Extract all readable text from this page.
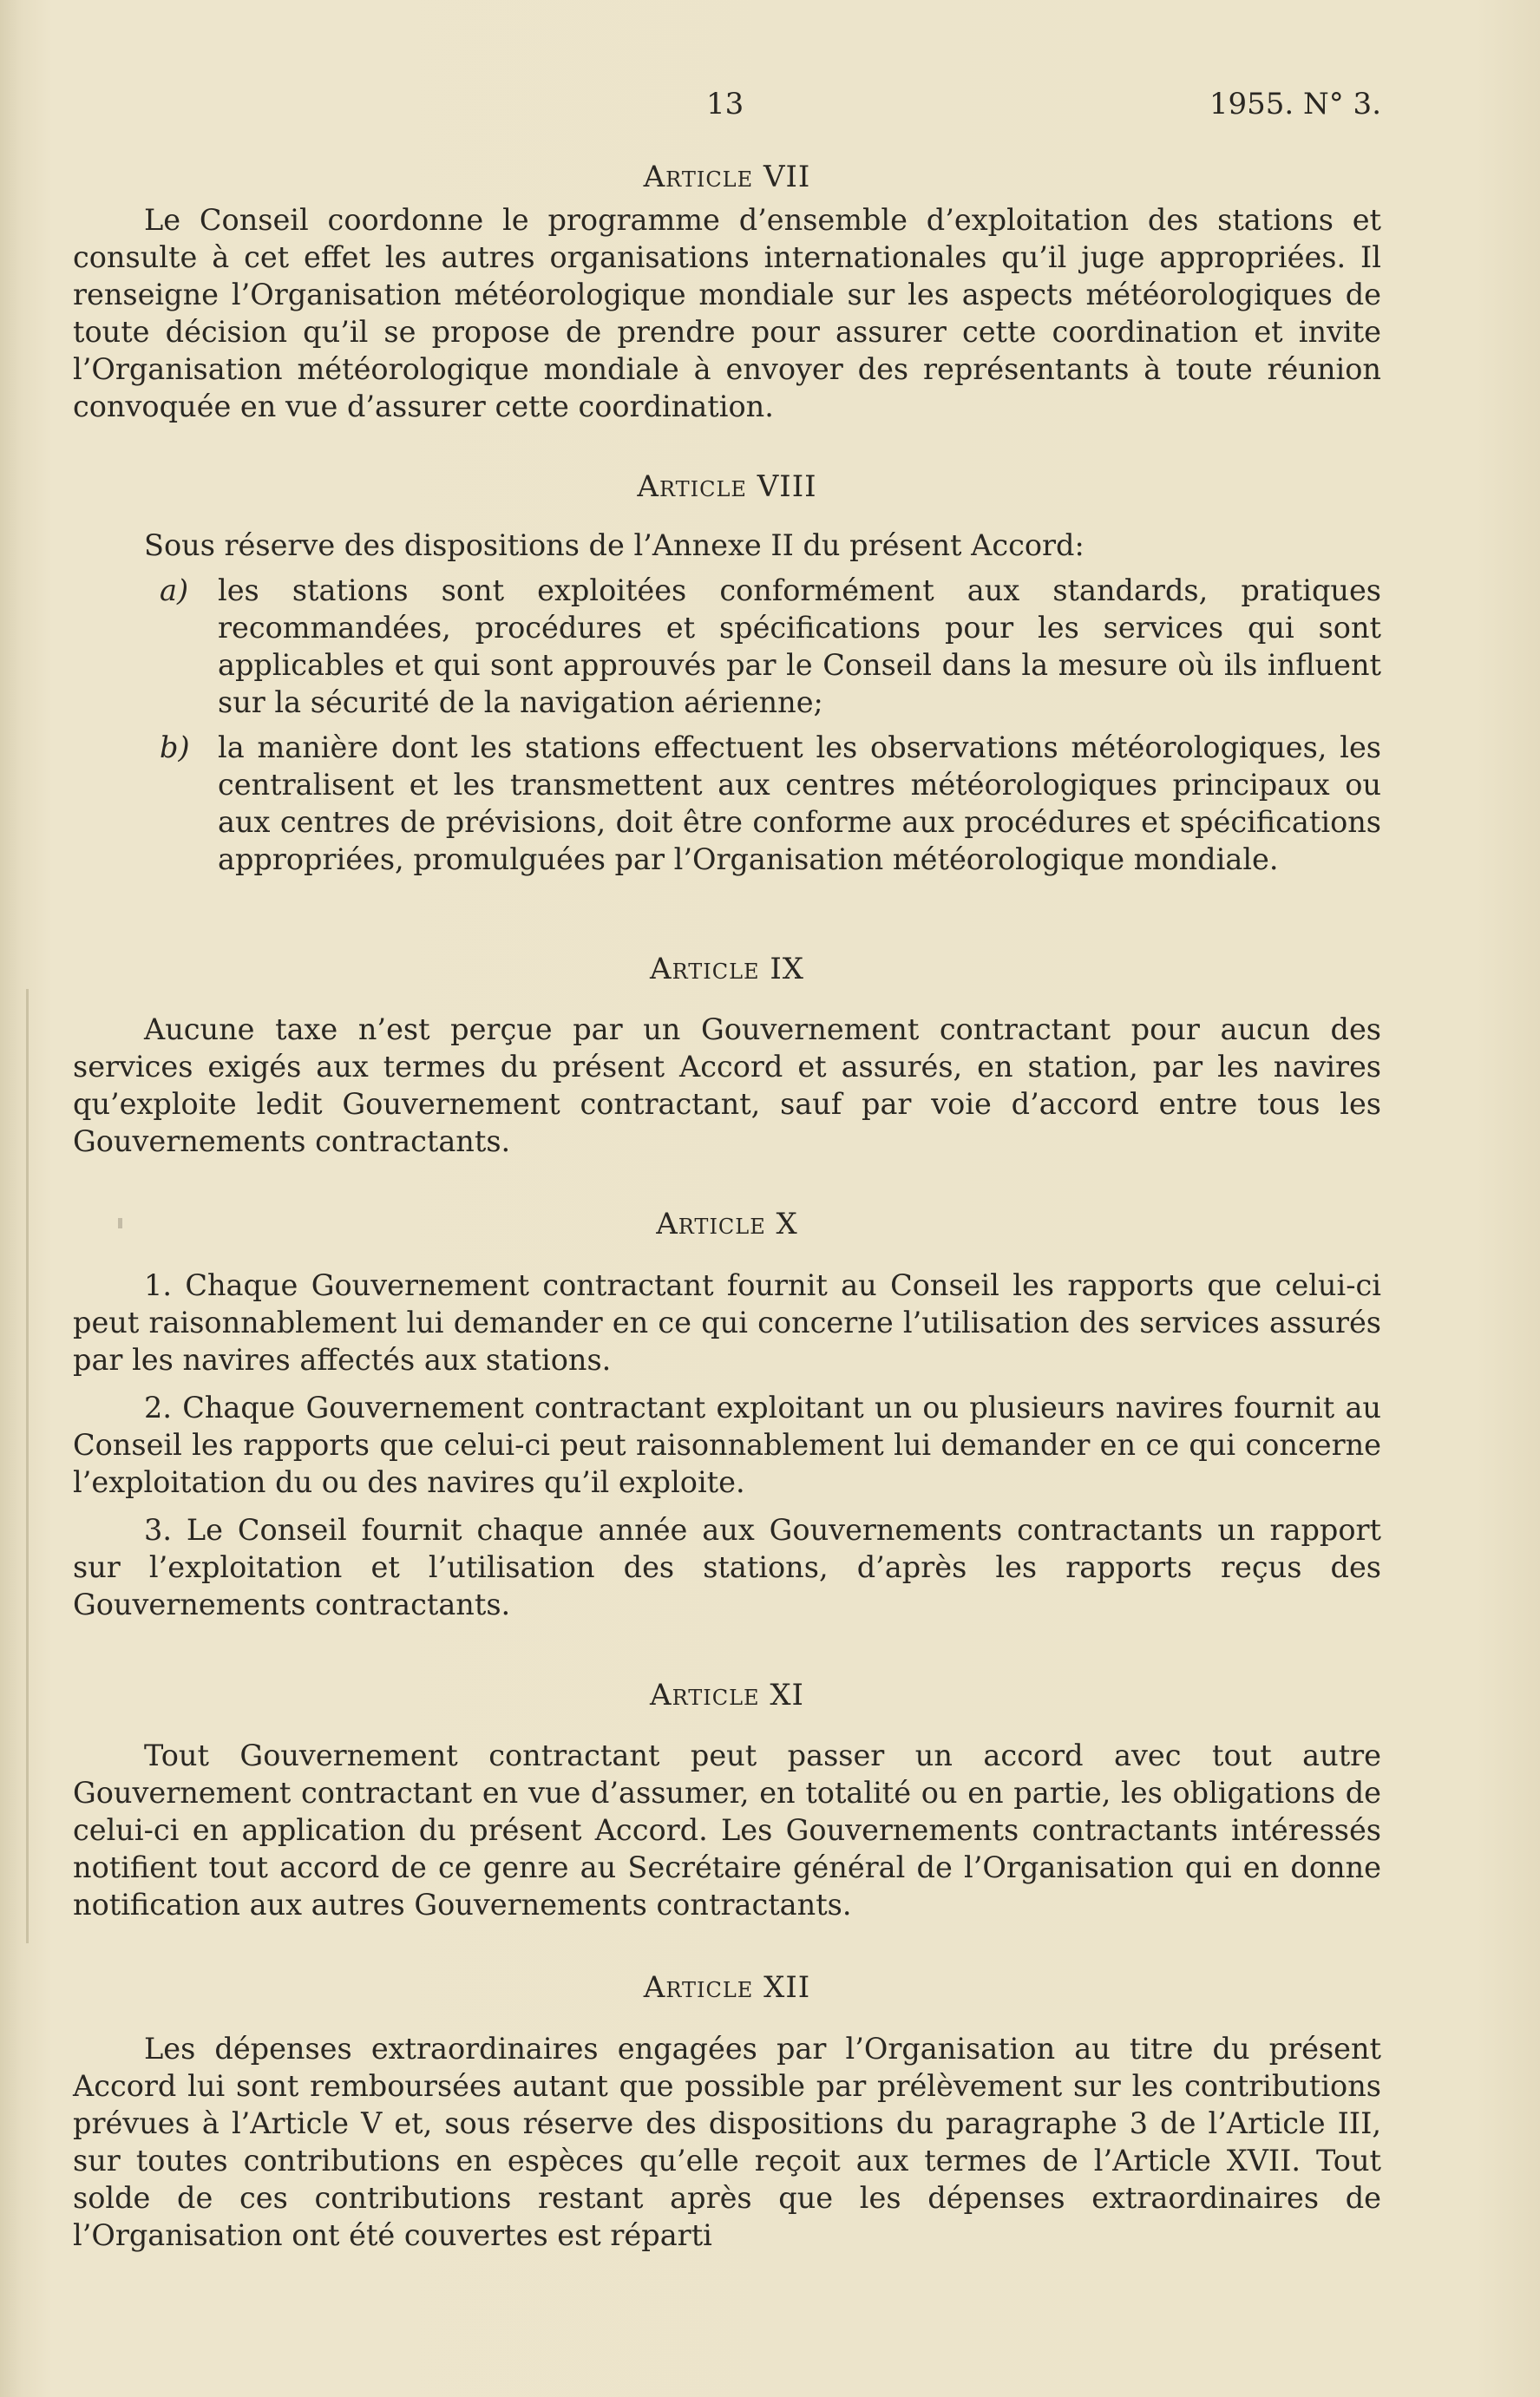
13	1955. N° 3.
Article VII

Le Conseil coordonne le programme d’ensemble d’exploitation des stations et consulte à cet effet les autres organisations internationales qu’il juge appropriées. Il renseigne l’Organisation météorologique mondiale sur les aspects météorologiques de toute décision qu’il se propose de prendre pour assurer cette coordination et invite l’Organisation météorologique mondiale à envoyer des représentants à toute réunion convoquée en vue d’assurer cette coordination.

Article VIII

Sous réserve des dispositions de l’Annexe II du présent Accord:

a) les stations sont exploitées conformément aux standards, pratiques recommandées, procédures et spécifications pour les services qui sont applicables et qui sont approuvés par le Conseil dans la mesure où ils influent sur la sécurité de la navigation aérienne;
b) la manière dont les stations effectuent les observations météorologiques, les centralisent et les transmettent aux centres météorologiques principaux ou aux centres de prévisions, doit être conforme aux procédures et spécifications appropriées, promulguées par l’Organisation météorologique mondiale.
Article IX

Aucune taxe n’est perçue par un Gouvernement contractant pour aucun des services exigés aux termes du présent Accord et assurés, en station, par les navires qu’exploite ledit Gouvernement contractant, sauf par voie d’accord entre tous les Gouvernements contractants.

Article X

1. Chaque Gouvernement contractant fournit au Conseil les rapports que celui-ci peut raisonnablement lui demander en ce qui concerne l’utilisation des services assurés par les navires affectés aux stations.

2. Chaque Gouvernement contractant exploitant un ou plusieurs navires fournit au Conseil les rapports que celui-ci peut raisonnablement lui demander en ce qui concerne l’exploitation du ou des navires qu’il exploite.

3. Le Conseil fournit chaque année aux Gouvernements contractants un rapport sur l’exploitation et l’utilisation des stations, d’après les rapports reçus des Gouvernements contractants.

Article XI

Tout Gouvernement contractant peut passer un accord avec tout autre Gouvernement contractant en vue d’assumer, en totalité ou en partie, les obligations de celui-ci en application du présent Accord. Les Gouvernements contractants intéressés notifient tout accord de ce genre au Secrétaire général de l’Organisation qui en donne notification aux autres Gouvernements contractants.

Article XII

Les dépenses extraordinaires engagées par l’Organisation au titre du présent Accord lui sont remboursées autant que possible par prélèvement sur les contributions prévues à l’Article V et, sous réserve des dispositions du paragraphe 3 de l’Article III, sur toutes contributions en espèces qu’elle reçoit aux termes de l’Article XVII. Tout solde de ces contributions restant après que les dépenses extraordinaires de l’Organisation ont été couvertes est réparti
